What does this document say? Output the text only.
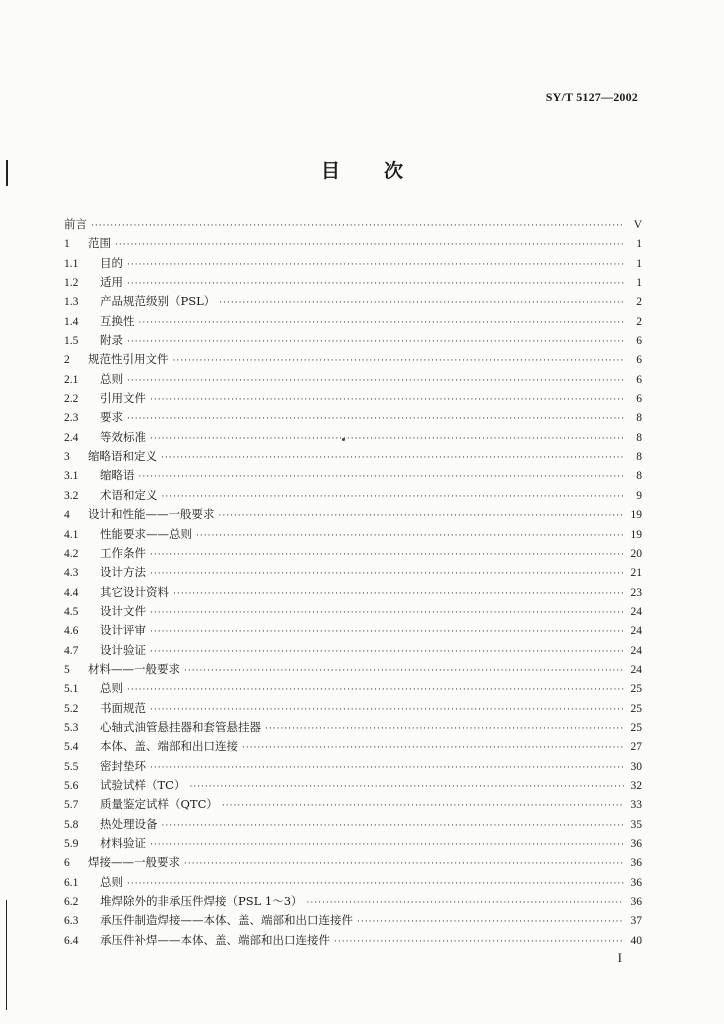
SY/T 5127—2002
目 次
前言 ·····	V
1	范围 ·····	1
1.1	目的 ·····	1
1.2	适用 ·····	1
1.3	产品规范级别（PSL） ·····	2
1.4	互换性 ·····	2
1.5	附录 ·····	6
2	规范性引用文件 ·····	6
2.1	总则 ·····	6
2.2	引用文件 ·····	6
2.3	要求 ·····	8
2.4	等效标准 ·····	8
3	缩略语和定义 ·····	8
3.1	缩略语 ·····	8
3.2	术语和定义 ·····	9
4	设计和性能——一般要求 ·····	19
4.1	性能要求——总则 ·····	19
4.2	工作条件 ·····	20
4.3	设计方法 ·····	21
4.4	其它设计资料 ·····	23
4.5	设计文件 ·····	24
4.6	设计评审 ·····	24
4.7	设计验证 ·····	24
5	材料——一般要求 ·····	24
5.1	总则 ·····	25
5.2	书面规范 ·····	25
5.3	心轴式油管悬挂器和套管悬挂器 ·····	25
5.4	本体、盖、端部和出口连接 ·····	27
5.5	密封垫环 ·····	30
5.6	试验试样（TC） ·····	32
5.7	质量鉴定试样（QTC） ·····	33
5.8	热处理设备 ·····	35
5.9	材料验证 ·····	36
6	焊接——一般要求 ·····	36
6.1	总则 ·····	36
6.2	堆焊除外的非承压件焊接（PSL 1～3） ·····	36
6.3	承压件制造焊接——本体、盖、端部和出口连接件 ·····	37
6.4	承压件补焊——本体、盖、端部和出口连接件 ·····	40
I
